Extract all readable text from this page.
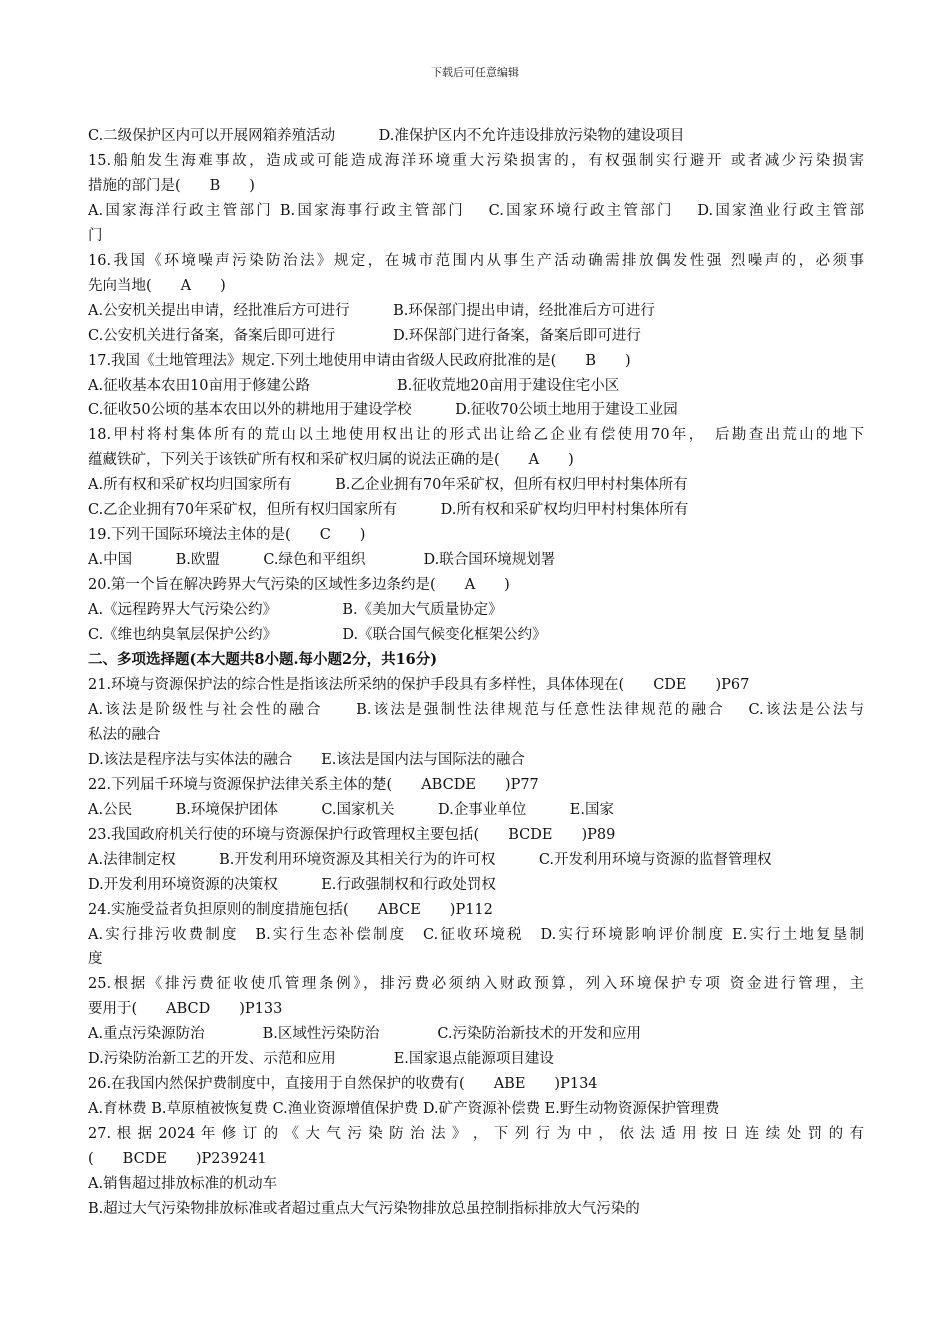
下载后可任意编辑
C.二级保护区内可以开展网箱养殖活动　　　D.准保护区内不允许违设排放污染物的建设项目
15.船舶发生海难事故，造成或可能造成海洋环境重大污染损害的，有权强制实行避开 或者减少污染损害
措施的部门是(　　B　　)
A.国家海洋行政主管部门 B.国家海事行政主管部门　 C.国家环境行政主管部门　 D.国家渔业行政主管部
门
16.我国《环境噪声污染防治法》规定，在城市范围内从事生产活动确需排放偶发性强 烈噪声的，必须事
先向当地(　　A　　)
A.公安机关提出申请，经批准后方可进行　　　B.环保部门提出申请，经批准后方可进行
C.公安机关进行备案，备案后即可进行　　　　D.环保部门进行备案，备案后即可进行
17.我国《土地管理法》规定.下列土地使用申请由省级人民政府批准的是(　　B　　)
A.征收基本农田10亩用于修建公路　　　　　　B.征收荒地20亩用于建设住宅小区
C.征收50公顷的基本农田以外的耕地用于建设学校　　　D.征收70公顷土地用于建设工业园
18.甲村将村集体所有的荒山以土地使用权出让的形式出让给乙企业有偿使用70年，　后勘查出荒山的地下
蕴藏铁矿，下列关于该铁矿所有权和采矿权归属的说法正确的是(　　A　　)
A.所有权和采矿权均归国家所有　　　B.乙企业拥有70年采矿权，但所有权归甲村村集体所有
C.乙企业拥有70年采矿权，但所有权归国家所有　　　D.所有权和采矿权均归甲村村集体所有
19.下列干国际环境法主体的是(　　C　　)
A.中国　　　B.欧盟　　　C.绿色和平组织　　　　D.联合国环境规划署
20.第一个旨在解决跨界大气污染的区域性多边条约是(　　A　　)
A.《远程跨界大气污染公约》　　　　　B.《美加大气质量协定》
C.《维也纳臭氧层保护公约》　　　　　D.《联合国气候变化框架公约》
二、多项选择题(本大题共8小题.每小题2分，共16分)
21.环境与资源保护法的综合性是指该法所采纳的保护手段具有多样性，具体体现在(　　CDE　　)P67
A.该法是阶级性与社会性的融合　　B.该法是强制性法律规范与任意性法律规范的融合　 C.该法是公法与
私法的融合
D.该法是程序法与实体法的融合　　E.该法是国内法与国际法的融合
22.下列届千环境与资源保护法律关系主体的楚(　　ABCDE　　)P77
A.公民　　　B.环境保护团体　　　C.国家机关　　　D.企事业单位　　　E.国家
23.我国政府机关行使的环境与资源保护行政管理权主要包括(　　BCDE　　)P89
A.法律制定权　　　B.开发利用环境资源及其相关行为的许可权　　　C.开发利用环境与资源的监督管理权
D.开发利用环境资源的决策权　　　E.行政强制权和行政处罚权
24.实施受益者负担原则的制度措施包括(　　ABCE　　)P112
A.实行排污收费制度　B.实行生态补偿制度　C.征收环境税　D.实行环境影响评价制度 E.实行土地复垦制
度
25.根据《排污费征收使爪管理条例》，排污费必须纳入财政预算，列入环境保护专项 资金进行管理，主
要用于(　　ABCD　　)P133
A.重点污染源防治　　　　B.区域性污染防治　　　　C.污染防治新技术的开发和应用
D.污染防治新工艺的开发、示范和应用　　　　E.国家退点能源项目建设
26.在我国内然保护费制度中，直接用于自然保护的收费有(　　ABE　　)P134
A.育林费 B.草原植被恢复费 C.渔业资源增值保护费 D.矿产资源补偿费 E.野生动物资源保护管理费
27. 根 据 2024 年 修 订 的 《 大 气 污 染 防 治 法 》 ， 下 列 行 为 中 ， 依 法 适 用 按 日 连 续 处 罚 的 有
(　　BCDE　　)P239241
A.销售超过排放标准的机动车
B.超过大气污染物排放标准或者超过重点大气污染物排放总虽控制指标排放大气污染的
